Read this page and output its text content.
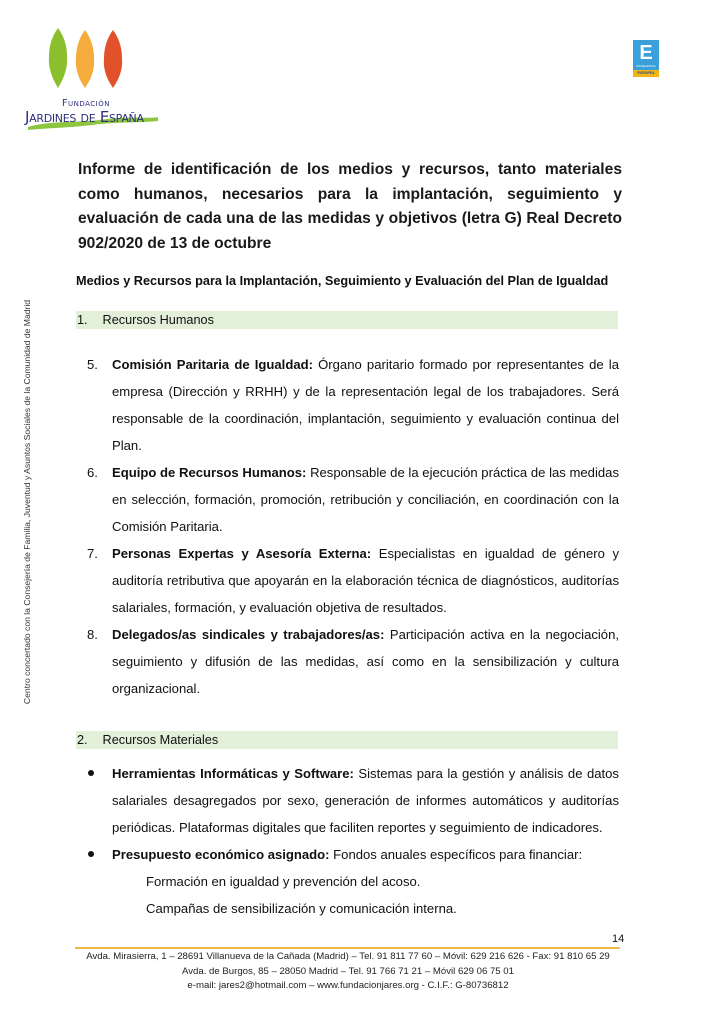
Fundación
Jardines de España
E
EXCELENCIA
EUROPEA
Centro concertado con la Consejería de Familia, Juventud y Asuntos Sociales de la Comunidad de Madrid
Informe de identificación de los medios y recursos, tanto materiales como humanos, necesarios para la implantación, seguimiento y evaluación de cada una de las medidas y objetivos (letra G) Real Decreto 902/2020 de 13 de octubre
Medios y Recursos para la Implantación, Seguimiento y Evaluación del Plan de Igualdad
1. Recursos Humanos
5. Comisión Paritaria de Igualdad: Órgano paritario formado por representantes de la empresa (Dirección y RRHH) y de la representación legal de los trabajadores. Será responsable de la coordinación, implantación, seguimiento y evaluación continua del Plan.
6. Equipo de Recursos Humanos: Responsable de la ejecución práctica de las medidas en selección, formación, promoción, retribución y conciliación, en coordinación con la Comisión Paritaria.
7. Personas Expertas y Asesoría Externa: Especialistas en igualdad de género y auditoría retributiva que apoyarán en la elaboración técnica de diagnósticos, auditorías salariales, formación, y evaluación objetiva de resultados.
8. Delegados/as sindicales y trabajadores/as: Participación activa en la negociación, seguimiento y difusión de las medidas, así como en la sensibilización y cultura organizacional.
2. Recursos Materiales
Herramientas Informáticas y Software: Sistemas para la gestión y análisis de datos salariales desagregados por sexo, generación de informes automáticos y auditorías periódicas. Plataformas digitales que faciliten reportes y seguimiento de indicadores.
Presupuesto económico asignado: Fondos anuales específicos para financiar:
Formación en igualdad y prevención del acoso.
Campañas de sensibilización y comunicación interna.
14
Avda. Mirasierra, 1 – 28691 Villanueva de la Cañada (Madrid) – Tel. 91 811 77 60 – Móvil: 629 216 626 - Fax: 91 810 65 29
Avda. de Burgos, 85 – 28050 Madrid – Tel. 91 766 71 21 – Móvil 629 06 75 01
e-mail: jares2@hotmail.com – www.fundacionjares.org - C.I.F.: G-80736812
